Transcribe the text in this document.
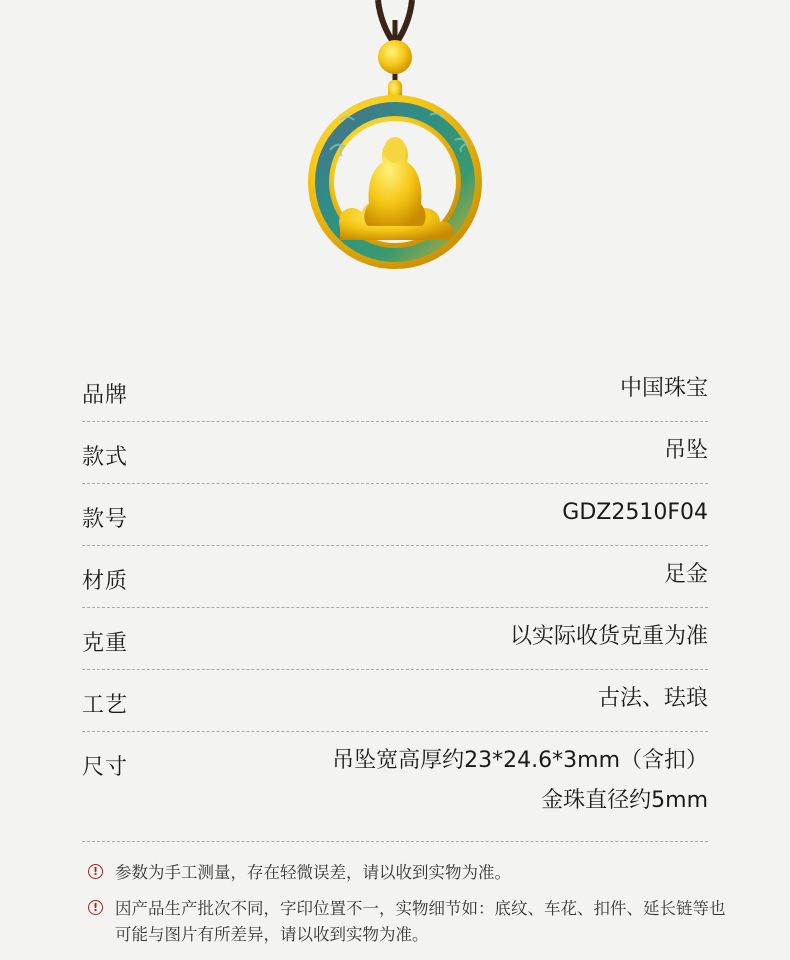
品牌	中国珠宝
款式	吊坠
款号	GDZ2510F04
材质	足金
克重	以实际收货克重为准
工艺	古法、珐琅
尺寸	吊坠宽高厚约23*24.6*3mm（含扣）
金珠直径约5mm
!	参数为手工测量，存在轻微误差，请以收到实物为准。
!	因产品生产批次不同，字印位置不一，实物细节如：底纹、车花、扣件、延长链等也可能与图片有所差异，请以收到实物为准。
